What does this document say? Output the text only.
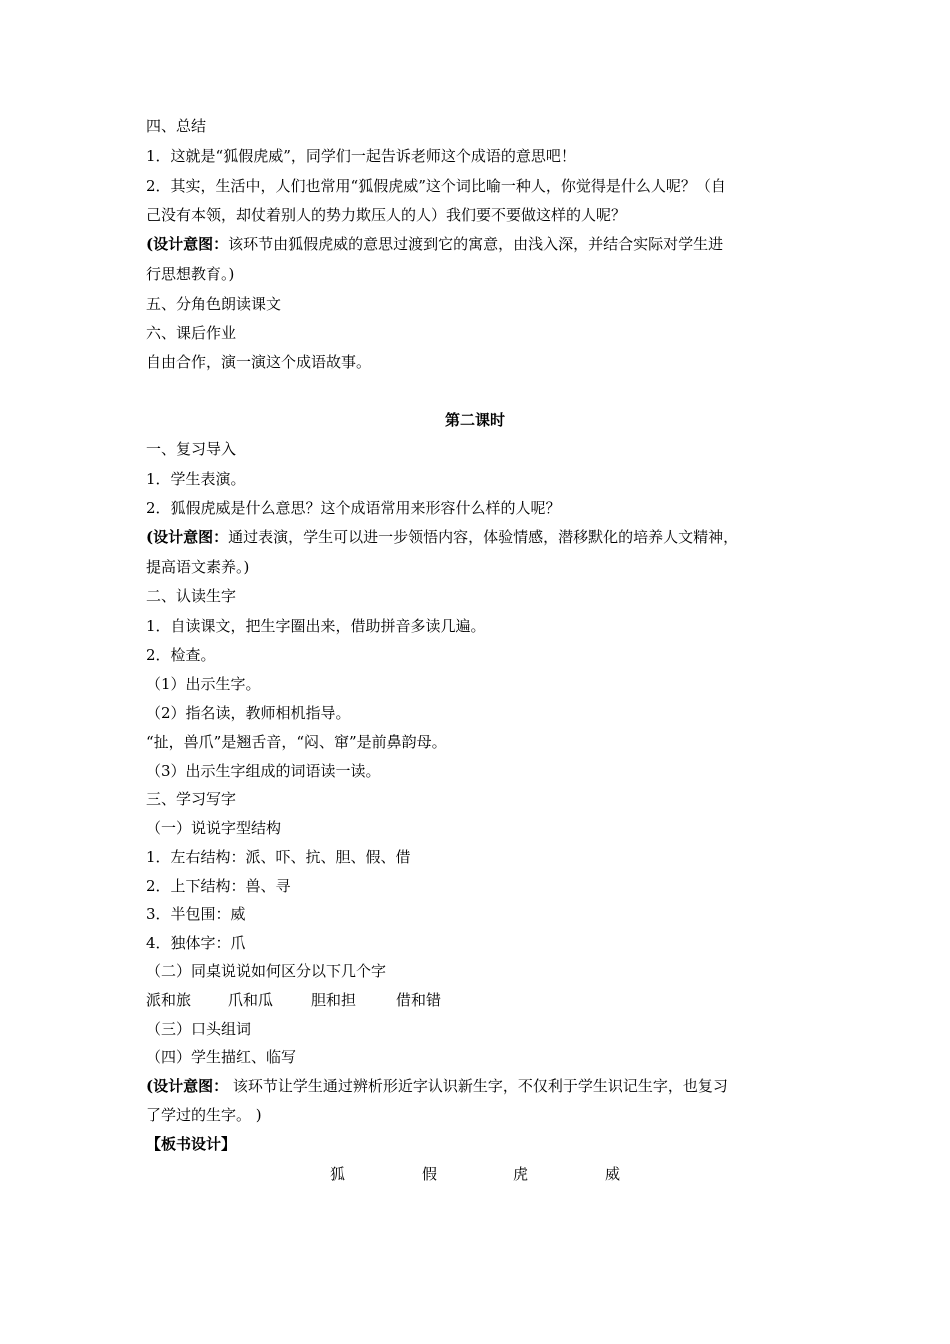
四、总结
1．这就是“狐假虎威”，同学们一起告诉老师这个成语的意思吧！
2．其实，生活中，人们也常用“狐假虎威”这个词比喻一种人，你觉得是什么人呢？（自
己没有本领，却仗着别人的势力欺压人的人）我们要不要做这样的人呢？
(设计意图：该环节由狐假虎威的意思过渡到它的寓意，由浅入深，并结合实际对学生进
行思想教育。)
五、分角色朗读课文
六、课后作业
自由合作，演一演这个成语故事。
第二课时
一、复习导入
1．学生表演。
2．狐假虎威是什么意思？这个成语常用来形容什么样的人呢？
(设计意图：通过表演，学生可以进一步领悟内容，体验情感，潜移默化的培养人文精神，
提高语文素养。)
二、认读生字
1．自读课文，把生字圈出来，借助拼音多读几遍。
2．检查。
（1）出示生字。
（2）指名读，教师相机指导。
“扯，兽爪”是翘舌音，“闷、窜”是前鼻韵母。
（3）出示生字组成的词语读一读。
三、学习写字
（一）说说字型结构
1．左右结构：派、吓、抗、胆、假、借
2．上下结构：兽、寻
3．半包围：威
4．独体字：爪
（二）同桌说说如何区分以下几个字
派和旅 爪和瓜	胆和担	借和错
（三）口头组词
（四）学生描红、临写
(设计意图： 该环节让学生通过辨析形近字认识新生字，不仅利于学生识记生字，也复习
了学过的生字。 )
【板书设计】
狐	假	虎	威
